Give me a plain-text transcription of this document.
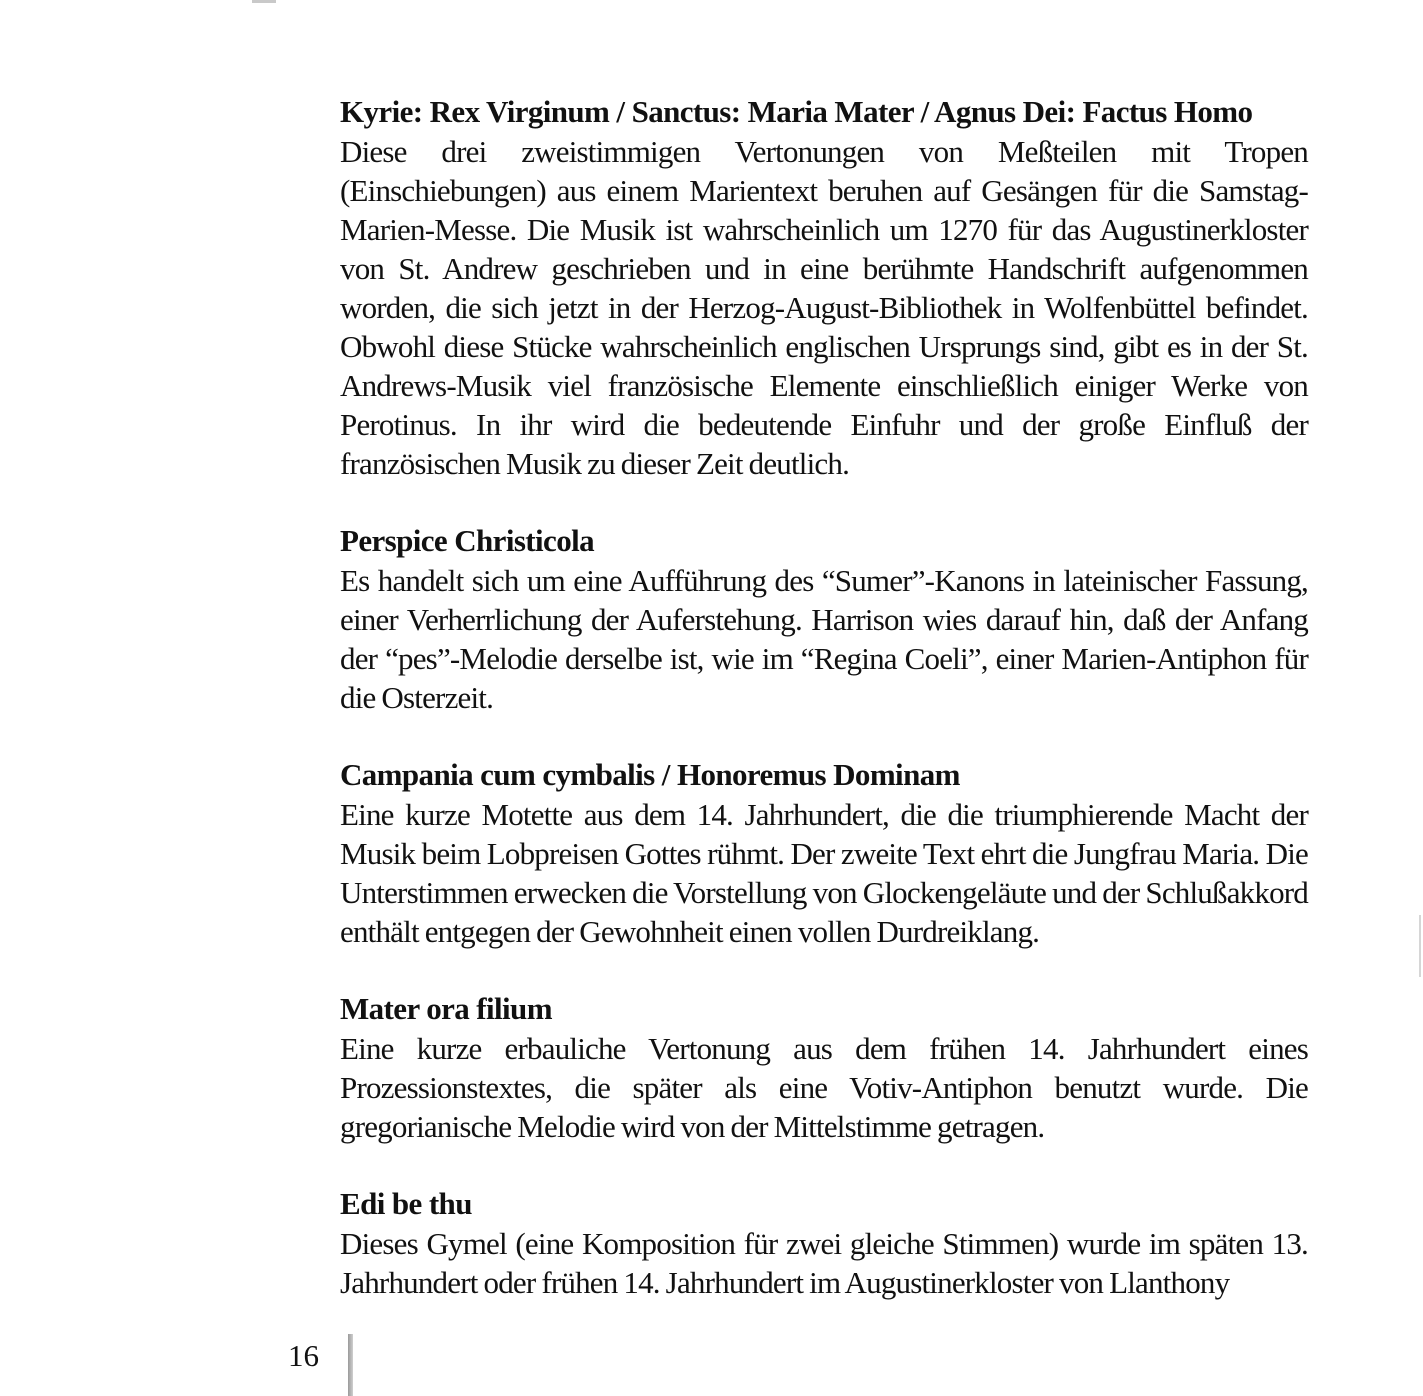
Kyrie: Rex Virginum / Sanctus: Maria Mater / Agnus Dei: Factus Homo

Diese drei zweistimmigen Vertonungen von Meßteilen mit Tropen (Einschiebungen) aus einem Marientext beruhen auf Gesängen für die Samstag-Marien-Messe. Die Musik ist wahrscheinlich um 1270 für das Augustinerkloster von St. Andrew geschrieben und in eine berühmte Handschrift aufgenommen worden, die sich jetzt in der Herzog-August-Bibliothek in Wolfenbüttel befindet. Obwohl diese Stücke wahrscheinlich englischen Ursprungs sind, gibt es in der St. Andrews-Musik viel französische Elemente einschließlich einiger Werke von Perotinus. In ihr wird die bedeutende Einfuhr und der große Einfluß der französischen Musik zu dieser Zeit deutlich.

Perspice Christicola

Es handelt sich um eine Aufführung des “Sumer”-Kanons in lateinischer Fassung, einer Verherrlichung der Auferstehung. Harrison wies darauf hin, daß der Anfang der “pes”-Melodie derselbe ist, wie im “Regina Coeli”, einer Marien-Antiphon für die Osterzeit.

Campania cum cymbalis / Honoremus Dominam

Eine kurze Motette aus dem 14. Jahrhundert, die die triumphierende Macht der Musik beim Lobpreisen Gottes rühmt. Der zweite Text ehrt die Jungfrau Maria. Die Unterstimmen erwecken die Vorstellung von Glockengeläute und der Schlußakkord enthält entgegen der Gewohnheit einen vollen Durdreiklang.

Mater ora filium

Eine kurze erbauliche Vertonung aus dem frühen 14. Jahrhundert eines Prozessionstextes, die später als eine Votiv-Antiphon benutzt wurde. Die gregorianische Melodie wird von der Mittelstimme getragen.

Edi be thu

Dieses Gymel (eine Komposition für zwei gleiche Stimmen) wurde im späten 13. Jahrhundert oder frühen 14. Jahrhundert im Augustinerkloster von Llanthony

16
